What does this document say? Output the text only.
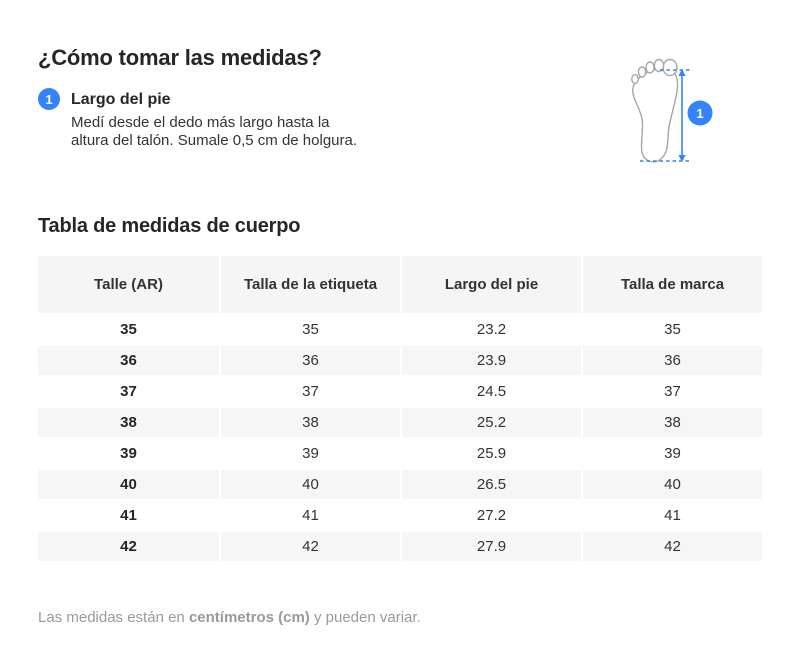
¿Cómo tomar las medidas?
1	Largo del pie
Medí desde el dedo más largo hasta la
altura del talón. Sumale 0,5 cm de holgura.
1
Tabla de medidas de cuerpo
Talle (AR)	Talla de la etiqueta	Largo del pie	Talla de marca
35	35	23.2	35
36	36	23.9	36
37	37	24.5	37
38	38	25.2	38
39	39	25.9	39
40	40	26.5	40
41	41	27.2	41
42	42	27.9	42

Las medidas están en centímetros (cm) y pueden variar.
